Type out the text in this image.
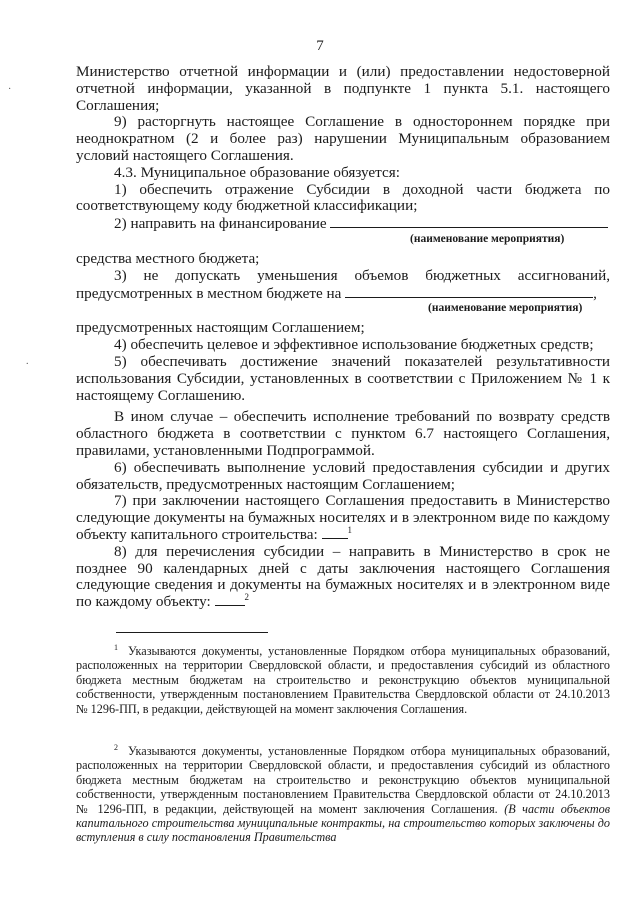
7

Министерство отчетной информации и (или) предоставлении недостоверной отчетной информации, указанной в подпункте 1 пункта 5.1. настоящего Соглашения;

9) расторгнуть настоящее Соглашение в одностороннем порядке при неоднократном (2 и более раз) нарушении Муниципальным образованием условий настоящего Соглашения.

4.3. Муниципальное образование обязуется:

1) обеспечить отражение Субсидии в доходной части бюджета по соответствующему коду бюджетной классификации;

2) направить на финансирование

(наименование мероприятия)

средства местного бюджета;

3) не допускать уменьшения объемов бюджетных ассигнований, предусмотренных в местном бюджете на	,

(наименование мероприятия)

предусмотренных настоящим Соглашением;

4) обеспечить целевое и эффективное использование бюджетных средств;

5) обеспечивать достижение значений показателей результативности использования Субсидии, установленных в соответствии с Приложением № 1 к настоящему Соглашению.

В ином случае – обеспечить исполнение требований по возврату средств областного бюджета в соответствии с пунктом 6.7 настоящего Соглашения, правилами, установленными Подпрограммой.

6) обеспечивать выполнение условий предоставления субсидии и других обязательств, предусмотренных настоящим Соглашением;

7) при заключении настоящего Соглашения предоставить в Министерство следующие документы на бумажных носителях и в электронном виде по каждому объекту капитального строительства:	$^1$

8) для перечисления субсидии – направить в Министерство в срок не позднее 90 календарных дней с даты заключения настоящего Соглашения следующие сведения и документы на бумажных носителях и в электронном виде по каждому объекту:	$^2$

$^1$ Указываются документы, установленные Порядком отбора муниципальных образований, расположенных на территории Свердловской области, и предоставления субсидий из областного бюджета местным бюджетам на строительство и реконструкцию объектов муниципальной собственности, утвержденным постановлением Правительства Свердловской области от 24.10.2013 № 1296-ПП, в редакции, действующей на момент заключения Соглашения.

$^2$ Указываются документы, установленные Порядком отбора муниципальных образований, расположенных на территории Свердловской области, и предоставления субсидий из областного бюджета местным бюджетам на строительство и реконструкцию объектов муниципальной собственности, утвержденным постановлением Правительства Свердловской области от 24.10.2013 № 1296-ПП, в редакции, действующей на момент заключения Соглашения. (В части объектов капитального строительства муниципальные контракты, на строительство которых заключены до вступления в силу постановления Правительства

·
.
